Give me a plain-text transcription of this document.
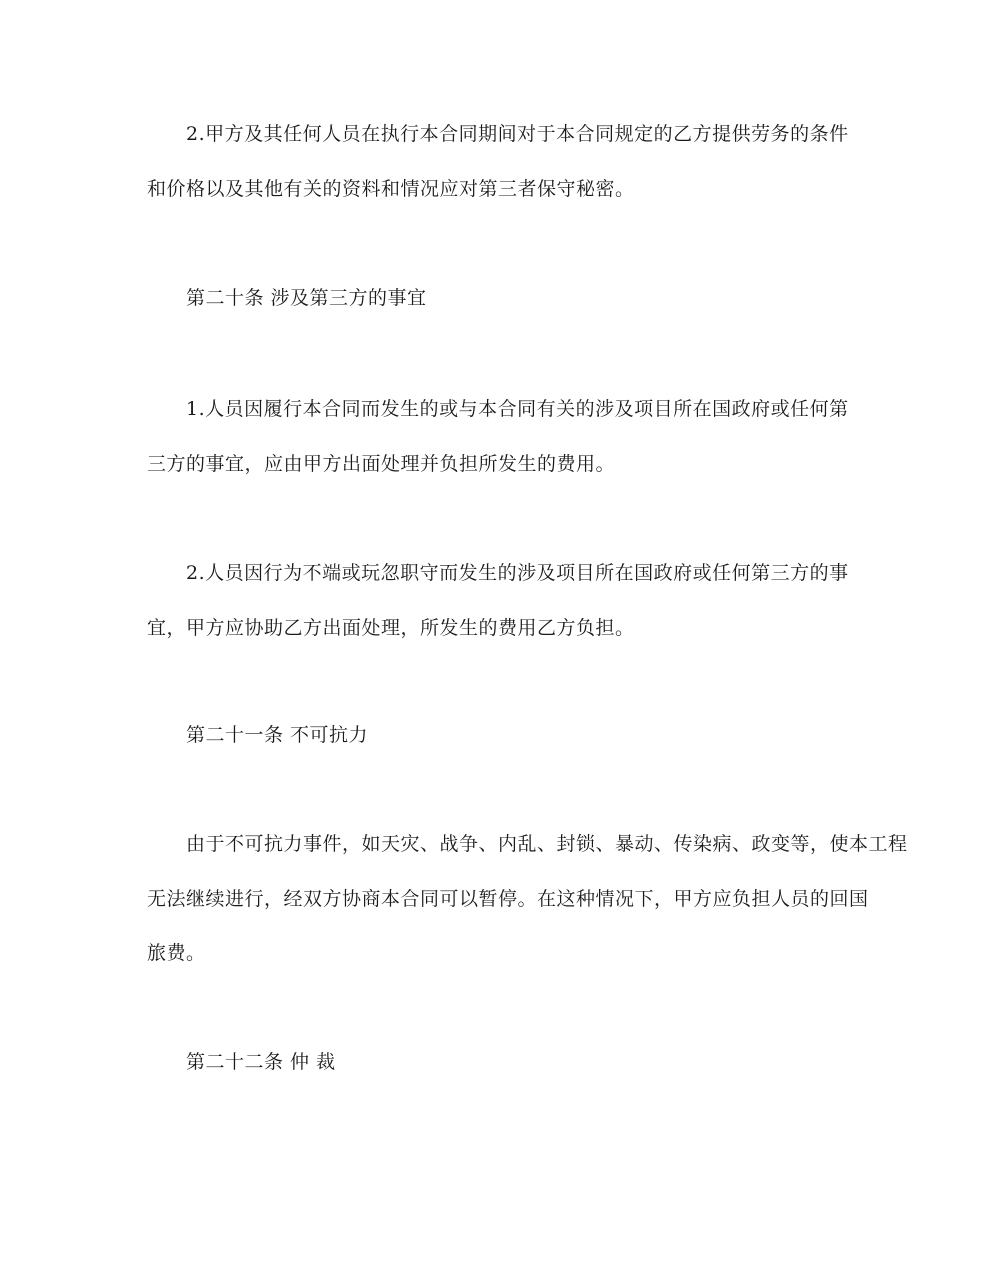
2.甲方及其任何人员在执行本合同期间对于本合同规定的乙方提供劳务的条件
和价格以及其他有关的资料和情况应对第三者保守秘密。
第二十条 涉及第三方的事宜
1.人员因履行本合同而发生的或与本合同有关的涉及项目所在国政府或任何第
三方的事宜，应由甲方出面处理并负担所发生的费用。
2.人员因行为不端或玩忽职守而发生的涉及项目所在国政府或任何第三方的事
宜，甲方应协助乙方出面处理，所发生的费用乙方负担。
第二十一条 不可抗力
由于不可抗力事件，如天灾、战争、内乱、封锁、暴动、传染病、政变等，使本工程
无法继续进行，经双方协商本合同可以暂停。在这种情况下，甲方应负担人员的回国
旅费。
第二十二条 仲 裁
